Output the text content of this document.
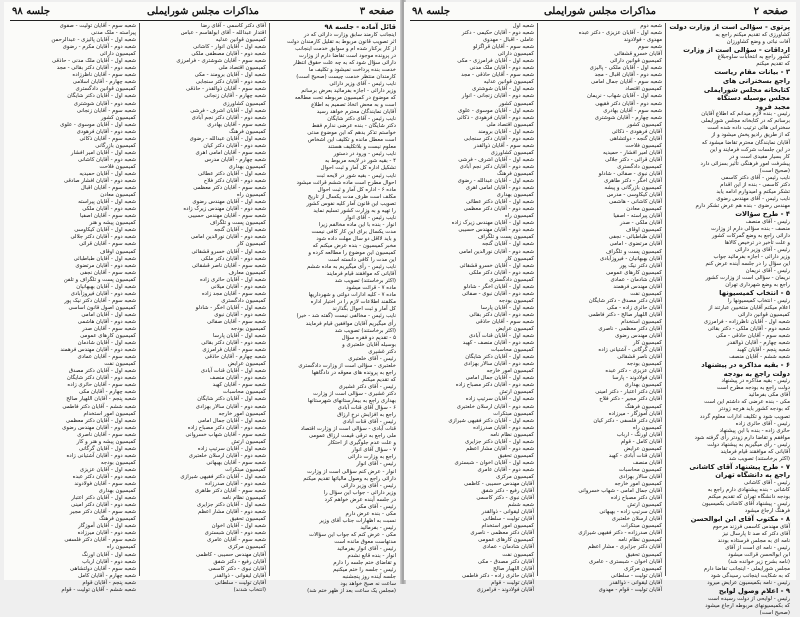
صفحه ۳
مذاکرات مجلس شورایملی
جلسه ۹۸
قائل آماده - جلسه ۹۸
اینجانب کارمند سابق وزارت دارائی که در
اثر تصویب قانون مربوط به تقلیل کارمندان دولت
از کار برکنار شده ام و سوابق خدمت اینجانب
در پرونده موجود است تقاضا دارم از وزارت
دارائی سؤال شود که به چه علت حقوق انتظار
خدمت بنده پرداخت نمیشود و تکلیف ما
کارمندان منتظر خدمت چیست (صحیح است)
نایب رئیس - آقای وزیر دارائی
وزیر دارائی - اجازه بفرمائید بعرض برسانم
که موضوع در کمیسیون مربوطه تحت مطالعه
است و به محض اتخاذ تصمیم به اطلاع
آقایان نمایندگان محترم خواهد رسید
نایب رئیس - آقای دکتر شایگان
دکتر شایگان - بنده عرضی ندارم فقط
خواستم تذکر بدهم که این موضوع مدتی
است معطل مانده و تکلیف این اشخاص
معلوم نیست و بلاتکلیف هستند
نایب رئیس - ورود در دستور
۴ - بقیه شور در لایحه مربوط به
تشکیل اداره کل آمار و ثبت احوال
نایب رئیس - بقیه شور در لایحه ثبت
احوال مطرح است ماده ششم قرائت میشود
ماده ۶ - اداره کل آمار و ثبت احوال
مکلف است ظرف مدت یکسال از تاریخ
تصویب این قانون آمار کلیه نفوس کشور
را تهیه و به وزارت کشور تسلیم نماید
نایب رئیس - آقای انوار
انوار - بنده با این ماده مخالفم زیرا
مدت یکسال برای این کار کافی نیست
و باید لااقل دو سال مهلت داده شود
مخبر کمیسیون - بنده عرض میکنم که
کمیسیون این موضوع را مطالعه کرده و
این مدت را کافی دانسته است
نایب رئیس - رأی میگیریم به ماده ششم
آقایانی که موافقند قیام فرمایند
(اکثر برخاستند) تصویب شد
ماده ۷ - قرائت میشود
ماده ۷ - کلیه ادارات دولتی و شهرداریها
مکلفند اطلاعات لازم را در اختیار اداره
کل آمار و ثبت احوال بگذارند
نایب رئیس - مخالفی نیست (گفته شد - خیر)
رأی میگیریم آقایان موافقین قیام فرمایند
(اکثر برخاستند) تصویب شد
۵ - تقدیم دو فقره سؤال
بوسیله آقایان خلعتبری و
دکتر غشیری
رئیس - آقای خلعتبری
خلعتبری - سؤالی است از وزارت دادگستری
راجع به پرونده های معوقه در دادگاهها
که تقدیم میکنم
رئیس - آقای دکتر غشیری
دکتر غشیری - سؤالی است از وزارت
بهداری راجع به بیمارستانهای شهرستانها
۶ - سؤال آقای قنات آبادی
راجع به افزایش نرخ ارزاق
رئیس - آقای قنات آبادی
قنات آبادی - سؤالی است از وزارت اقتصاد
ملی راجع به ترقی قیمت ارزاق عمومی
و علت عدم جلوگیری از احتکار
۷ - سؤال آقای انوار
راجع به وزارت دارائی
رئیس - آقای انوار
انوار - عرض کنم سؤالی است از وزارت
دارائی راجع به وصول مالیاتها تقدیم میکنم
رئیس - آقای وزیر دارائی
وزیر دارائی - جواب این سؤال را
در جلسه آینده عرض خواهم کرد
رئیس - آقای مکی
مکی - بنده عرض دارم
نسبت به اظهارات جناب آقای وزیر
رئیس - بفرمائید
مکی - عرض کنم که جواب این سؤالات
مدتهاست معوق مانده است
رئیس - آقای انوار بفرمائید
انوار - بنده قانع نشدم
و تقاضای ختم جلسه را دارم
رئیس - جلسه را ختم میکنیم
جلسه آینده روز پنجشنبه
ساعت نه صبح خواهد بود
(مجلس یک ساعت بعد از ظهر ختم شد)
آقای دکتر کاسمی - آقای رضا
اقتدار عبدالله - آقای ابولقاسم - عباس
کمیسیون قوانین عدلیه
شعبه اول - آقایان انوار - کاشانی
شعبه دوم - آقایان مصطفی ملکی
شعبه سوم - آقایان شوشتری - فرامرزی
کمیسیون اقتصاد ملی
شعبه اول - آقایان برومند - مکی
شعبه دوم - آقایان دکتر سنجابی
شعبه سوم - آقایان ذوالقدر - حاذقی
شعبه چهارم - آقایان زنجانی
کمیسیون کشاورزی
شعبه اول - آقایان اشرف - فرشی
شعبه دوم - آقایان دکتر نجم آبادی
شعبه سوم - آقایان بهادری
کمیسیون فرهنگ
شعبه اول - آقایان عبدالله - رضوی
شعبه دوم - آقایان دکتر کیان
شعبه سوم - آقایان امامی اهری
شعبه چهارم - آقایان مدرس
کمیسیون بهداری
شعبه اول - آقایان دکتر عطائی
شعبه دوم - آقایان دکتر فلاح
شعبه سوم - آقایان دکتر معظمی
کمیسیون راه
شعبه اول - آقایان مهندس رضوی
شعبه دوم - آقایان مهندس زیرک زاده
شعبه سوم - آقایان مهندس حسیبی
کمیسیون پست و تلگراف
شعبه اول - آقایان گنجه
شعبه دوم - آقایان نورالدین امامی
کمیسیون کار
شعبه اول - آقایان خسرو قشقائی
شعبه دوم - آقایان دکتر ملکی
شعبه سوم - آقایان ناصر قشقائی
کمیسیون معارف
شعبه اول - آقایان حائری زاده
شعبه دوم - آقایان میلانی
شعبه سوم - آقایان مجد زاده
کمیسیون دادگستری
شعبه اول - آقایان اخگر - شادلو
شعبه دوم - آقایان نبوی
شعبه سوم - آقایان صفائی
کمیسیون بودجه
شعبه اول - آقایان پارسا
شعبه دوم - آقایان دکتر بقائی
شعبه سوم - آقایان فرامرزی
شعبه چهارم - آقایان حاذقی
کمیسیون عرایض
شعبه اول - آقایان قنات آبادی
شعبه دوم - آقایان منصف
شعبه سوم - آقایان کهبد
کمیسیون محاسبات
شعبه اول - آقایان دکتر شایگان
شعبه دوم - آقایان سالار بهزادی
کمیسیون امور خارجه
شعبه اول - آقایان جمال امامی
شعبه دوم - آقایان دکتر مصباح زاده
شعبه سوم - آقایان شهاب خسروانی
کمیسیون ارتش
شعبه اول - آقایان سرتیپ زاده
شعبه دوم - آقایان ارسلان خلعتبری
شعبه سوم - آقایان بهبهانی
کمیسیون مبتکرات
شعبه اول - آقایان دکتر فقیهی شیرازی
شعبه دوم - آقایان صدرزاده
شعبه سوم - آقایان دکتر طاهری
کمیسیون نظام نامه
شعبه اول - آقایان دکتر جزایری
شعبه دوم - آقایان مشار اعظم
کمیسیون تحقیق
شعبه اول - آقایان اخوان
شعبه دوم - آقایان شبستری
شعبه سوم - آقایان عامری
کمیسیون مرکزی
آقایان مهندس حسیبی - کاظمی
آقایان رفیع - دکتر شفق
آقایان نبوی - دکتر کاسمی
آقایان لیقوانی - ذوالقدر
آقایان تولیت - سلطانی
(انتخاب شدند)
شعبه سوم - آقایان تولیت - صفوی
پیراسته - ملک مدنی
شعبه اول - آقایان پالیزی - عبدالرحمن
شعبه دوم - آقایان مکرم - رضوی
کمیسیون دارائی
شعبه اول - آقایان ملک مدنی - حاذقی
شعبه دوم - آقایان دکتر بقائی - مجد
شعبه سوم - آقایان ناظرزاده
شعبه چهارم - آقایان اسلامی
کمیسیون قوانین دادگستری
شعبه اول - آقایان دکتر شایگان
شعبه دوم - آقایان شوشتری
شعبه سوم - آقایان زنجانی
کمیسیون کشور
شعبه اول - آقایان موسوی - علوی
شعبه دوم - آقایان فرهودی
شعبه سوم - آقایان ذکائی
کمیسیون بازرگانی
شعبه اول - آقایان امیر افشار
شعبه دوم - آقایان کاشانی
کمیسیون فلاحت
شعبه اول - آقایان حمیدیه
شعبه دوم - آقایان افشار صادقی
شعبه سوم - آقایان اقبال
کمیسیون معادن
شعبه اول - آقایان پیراسته
شعبه دوم - آقایان ملکی
شعبه سوم - آقایان اصفیا
کمیسیون پیشه و هنر
شعبه اول - آقایان کیکاوسی
شعبه دوم - آقایان دکتر جلالی
شعبه سوم - آقایان قرائی
کمیسیون اوقاف
شعبه اول - آقایان طباطبائی
شعبه دوم - آقایان مرتضوی
شعبه سوم - آقایان نجفی
کمیسیون پست و تلگراف و تلفن
شعبه اول - آقایان بهبهانیان
شعبه دوم - آقایان فیروزآبادی
شعبه سوم - آقایان دکتر نیک پور
کمیسیون اصول قانون اساسی
شعبه اول - آقایان امامی
شعبه دوم - آقایان هاشمی
شعبه سوم - آقایان صدر
کمیسیون کارهای عمومی
شعبه اول - آقایان شادمان
شعبه دوم - آقایان مهندس فرهمند
شعبه سوم - آقایان عمادی
کمیسیون نفت
شعبه اول - آقایان دکتر مصدق
شعبه دوم - آقایان دکتر شایگان
شعبه سوم - آقایان حائری زاده
شعبه چهارم - آقایان مکی
شعبه پنجم - آقایان اللهیار صالح
شعبه ششم - آقایان دکتر فاطمی
کمیسیون امور استخدام
شعبه اول - آقایان دکتر معظمی
شعبه دوم - آقایان مهندس رضوی
شعبه سوم - آقایان ناصری
کمیسیون پیشه و هنر و کار
شعبه اول - آقایان گرگانی
شعبه دوم - آقایان آشتیانی زاده
کمیسیون بودجه
شعبه اول - آقایان عزیزی
شعبه دوم - آقایان دکتر عبده
شعبه سوم - آقایان فولادوند
کمیسیون بهداری
شعبه اول - آقایان دکتر اعتبار
شعبه دوم - آقایان دکتر امینی
شعبه سوم - آقایان دکتر مجیر
کمیسیون فرهنگ
شعبه اول - آقایان آموزگار
شعبه دوم - آقایان میرزاده
شعبه سوم - آقایان دکتر فلسفی
کمیسیون راه
شعبه اول - آقایان اورنگ
شعبه دوم - آقایان ارباب
شعبه سوم - آقایان دولتشاهی
شعبه چهارم - آقایان کامل
شعبه پنجم - آقایان قوام
شعبه ششم - آقایان تولیت - قوام
صفحه ۲
مذاکرات مجلس شورایملی
جلسه ۹۸
پرتوی - سؤالی است از وزارت دولت
کشاورزی که تقدیم میکنم راجع به
آفات نباتی و وضع کشاورزان
ارداقات - سؤالی است از وزارت
کشور راجع به انتخابات ساوجبلاغ
که تقدیم میکنم
۳ - بیانات مقام ریاست
راجع بسخنرانی های
کتابخانه مجلس شورایملی
مجلس بوسیله دستگاه
مجید فرود
رئیس - بنده لازم میدانم که اطلاع آقایان
برسانم که در کتابخانه مجلس شورایملی
سخنرانی هائی ترتیب داده شده است
که از طریق رادیو پخش میشود و از
آقایان نمایندگان محترم تقاضا میشود که
در این جلسات شرکت فرمایند و این
کار بسیار مفیدی است و در
پیشرفت امور فرهنگی تأثیر بسزائی دارد
(صحیح است)
نایب رئیس - آقای دکتر کاسمی
دکتر کاسمی - بنده از این اقدام
تشکر میکنم و امیدوارم ادامه یابد
نایب رئیس - آقای مهندس رضوی
مهندس رضوی - بنده هم عرض تشکر دارم
۴ - طرح سؤالات
رئیس - آقای منصف
منصف - بنده سؤالی دارم از وزارت
دارائی راجع به وضع گمرکات کشور
و علت تأخیر در ترخیص کالاها
رئیس - آقای وزیر دارائی
وزیر دارائی - اجازه بفرمائید جواب
این سؤال را در جلسه آینده عرض کنم
رئیس - آقای نریمان
نریمان - سؤالی است از وزارت کشور
راجع به وضع شهرداری تهران
۵ - انتخاب کمیسیونها
رئیس - انتخاب کمیسیونها را
اعلام میکنم آقایان منتخبین عبارتند از
کمیسیون قوانین دارائی
شعبه اول - آقایان ناظرزاده - فرامرزی
شعبه دوم - آقایان ملکی - دکتر بقائی
شعبه سوم - آقایان حاذقی - مکی
شعبه چهارم - آقایان ذوالقدر
شعبه پنجم - آقایان کهبد
شعبه ششم - آقایان منصف
۶ - بقیه مذاکره در پیشنهاد
دولت راجع به بودجه
رئیس - بقیه مذاکره در پیشنهاد
دولت راجع به بودجه مطرح است
آقای مکی بفرمائید
مکی - بنده عرضی که داشتم این است
که بودجه کشور باید هرچه زودتر
تصویب شود و تکلیف ادارات معلوم گردد
رئیس - آقای حائری زاده
حائری زاده - بنده با این پیشنهاد
موافقم و تقاضا دارم زودتر رأی گرفته شود
رئیس - رأی میگیریم به پیشنهاد دولت
آقایانی که موافقند قیام فرمایند
(اکثر برخاستند) تصویب شد
۷ - طرح پیشنهاد آقای کاشانی
راجع به دانشگاه تهران
رئیس - آقای کاشانی
کاشانی - بنده پیشنهادی دارم راجع به
بودجه دانشگاه تهران که تقدیم میکنم
رئیس - پیشنهاد آقای کاشانی بکمیسیون
فرهنگ ارجاع میشود
۸ - مکتوب آقای ابن ابوالحسن
آقای مهندس کاسمی فرزند مرحوم
آقای دکتر که صد تا پارسال نیز
نامه ای به مجلس فرستاده بودند
رئیس - نامه ای است از آقای
ابن ابوالحسن قرائت میشود
(نامه بشرح زیر خوانده شد)
مجلس شورایملی - اینجانب تقاضا دارم
که به شکایت اینجانب رسیدگی شود
رئیس - نامه بکمیسیون عرایض میرود
۹ - اعلام وصول لوایح
رئیس - لوایحی از دولت رسیده است
که بکمیسیونهای مربوطه ارجاع میشود
(صحیح است)
شعبه دوم
شعبه اول - آقایان عزیزی - دکتر عبده
مهدوی - فولادوند
شعبه سوم
آقایان خسرو قشقائی
کمیسیون قوانین دارائی
شعبه اول - آقایان ملکی - پالیزی
شعبه دوم - آقایان اقبال - مجد
شعبه سوم - آقایان جمال امامی
کمیسیون اقتصاد
شعبه اول - آقایان شهاب - نریمان
شعبه دوم - آقایان دکتر فقیهی
شعبه سوم - آقایان بهادری
شعبه چهارم - آقایان شوشتری
کمیسیون کشور
آقایان فرهودی - ذکائی
آقایان گنجه - دولتشاهی
کمیسیون فلاحت
آقایان امیر افشار - حمیدیه
آقایان قرائی - دکتر جلالی
کمیسیون دادگستری
آقایان نبوی - صفائی - شادلو
آقایان اخگر - دکتر طاهری
کمیسیون بازرگانی و پیشه
آقایان کیکاوسی - مدرس
آقایان کاشانی - هاشمی
کمیسیون معادن
آقایان پیراسته - اصفیا
آقایان ملکی - صدر
کمیسیون اوقاف
آقایان طباطبائی - نجفی
آقایان مرتضوی - امامی
کمیسیون پست و تلگراف
آقایان بهبهانیان - فیروزآبادی
آقایان دکتر نیک پور
کمیسیون کارهای عمومی
آقایان شادمان - عمادی
آقایان مهندس فرهمند
کمیسیون نفت
آقایان دکتر مصدق - دکتر شایگان
آقایان حائری زاده - مکی
آقایان اللهیار صالح - دکتر فاطمی
کمیسیون استخدام
آقایان دکتر معظمی - ناصری
آقایان مهندس رضوی
کمیسیون کار
آقایان گرگانی - آشتیانی زاده
آقایان ناصر قشقائی
کمیسیون بودجه
آقایان عزیزی - دکتر عبده
آقایان فولادوند - پارسا
کمیسیون بهداری
آقایان دکتر اعتبار - دکتر امینی
آقایان دکتر مجیر - دکتر فلاح
کمیسیون فرهنگ
آقایان آموزگار - میرزاده
آقایان دکتر فلسفی - دکتر کیان
کمیسیون راه
آقایان اورنگ - ارباب
آقایان کامل - قوام
کمیسیون عرایض
آقایان قنات آبادی - کهبد
آقایان منصف
کمیسیون محاسبات
آقایان سالار بهزادی
کمیسیون امور خارجه
آقایان جمال امامی - شهاب خسروانی
آقایان دکتر مصباح زاده
کمیسیون ارتش
آقایان سرتیپ زاده - بهبهانی
آقایان ارسلان خلعتبری
کمیسیون مبتکرات
آقایان صدرزاده - دکتر فقیهی شیرازی
کمیسیون نظام نامه
آقایان دکتر جزایری - مشار اعظم
کمیسیون تحقیق
آقایان اخوان - شبستری - عامری
کمیسیون مرکزی
آقایان تولیت - سلطانی
آقایان لیقوانی - ذوالقدر
آقایان تولیت - قوام - مهدوی
شعبه اول
شعبه دوم - آقایان حکیمی - دکتر
عاملی - اقبال - مهدوی
شعبه سوم - آقایان قراگزلو
کمیسیون دارائی
شعبه اول - آقایان فرامرزی - مکی
شعبه دوم - آقایان ملک مدنی
شعبه سوم - آقایان حاذقی - مجد
کمیسیون قوانین عدلیه
شعبه اول - آقایان شوشتری
شعبه دوم - آقایان زنجانی - انوار
کمیسیون کشور
شعبه اول - آقایان موسوی - علوی
شعبه دوم - آقایان فرهودی - ذکائی
کمیسیون اقتصاد ملی
شعبه اول - آقایان برومند
شعبه دوم - آقایان دکتر سنجابی
شعبه سوم - آقایان ذوالقدر
کمیسیون کشاورزی
شعبه اول - آقایان اشرف - فرشی
شعبه دوم - آقایان دکتر نجم آبادی
کمیسیون فرهنگ
شعبه اول - آقایان عبدالله - رضوی
شعبه دوم - آقایان امامی اهری
کمیسیون بهداری
شعبه اول - آقایان دکتر عطائی
شعبه دوم - آقایان دکتر معظمی
کمیسیون راه
شعبه اول - آقایان مهندس زیرک زاده
شعبه دوم - آقایان مهندس حسیبی
کمیسیون پست و تلگراف
شعبه اول - آقایان گنجه
شعبه دوم - آقایان نورالدین امامی
کمیسیون کار
شعبه اول - آقایان خسرو قشقائی
شعبه دوم - آقایان دکتر ملکی
کمیسیون دادگستری
شعبه اول - آقایان اخگر - شادلو
شعبه دوم - آقایان نبوی - صفائی
کمیسیون بودجه
شعبه اول - آقایان پارسا
شعبه دوم - آقایان دکتر بقائی
شعبه سوم - آقایان حاذقی
کمیسیون عرایض
شعبه اول - آقایان قنات آبادی
شعبه دوم - آقایان منصف - کهبد
کمیسیون محاسبات
شعبه اول - آقایان دکتر شایگان
شعبه دوم - آقایان سالار بهزادی
کمیسیون امور خارجه
شعبه اول - آقایان جمال امامی
شعبه دوم - آقایان دکتر مصباح زاده
کمیسیون ارتش
شعبه اول - آقایان سرتیپ زاده
شعبه دوم - آقایان ارسلان خلعتبری
کمیسیون مبتکرات
شعبه اول - آقایان دکتر فقیهی شیرازی
شعبه دوم - آقایان صدرزاده
کمیسیون نظام نامه
شعبه اول - آقایان دکتر جزایری
شعبه دوم - آقایان مشار اعظم
کمیسیون تحقیق
شعبه اول - آقایان اخوان - شبستری
شعبه دوم - آقایان عامری
کمیسیون مرکزی
آقایان مهندس حسیبی - کاظمی
آقایان رفیع - دکتر شفق
آقایان نبوی - دکتر کاسمی
شعبه ششم
آقایان لیقوانی - ذوالقدر
آقایان تولیت - سلطانی
کمیسیون امور استخدام
آقایان دکتر معظمی - ناصری
کمیسیون کارهای عمومی
آقایان شادمان - عمادی
کمیسیون نفت
آقایان دکتر مصدق - مکی
آقایان اللهیار صالح
آقایان حائری زاده - دکتر فاطمی
آقایان تولیت - قوام
آقایان فولادوند - فرامرزی
